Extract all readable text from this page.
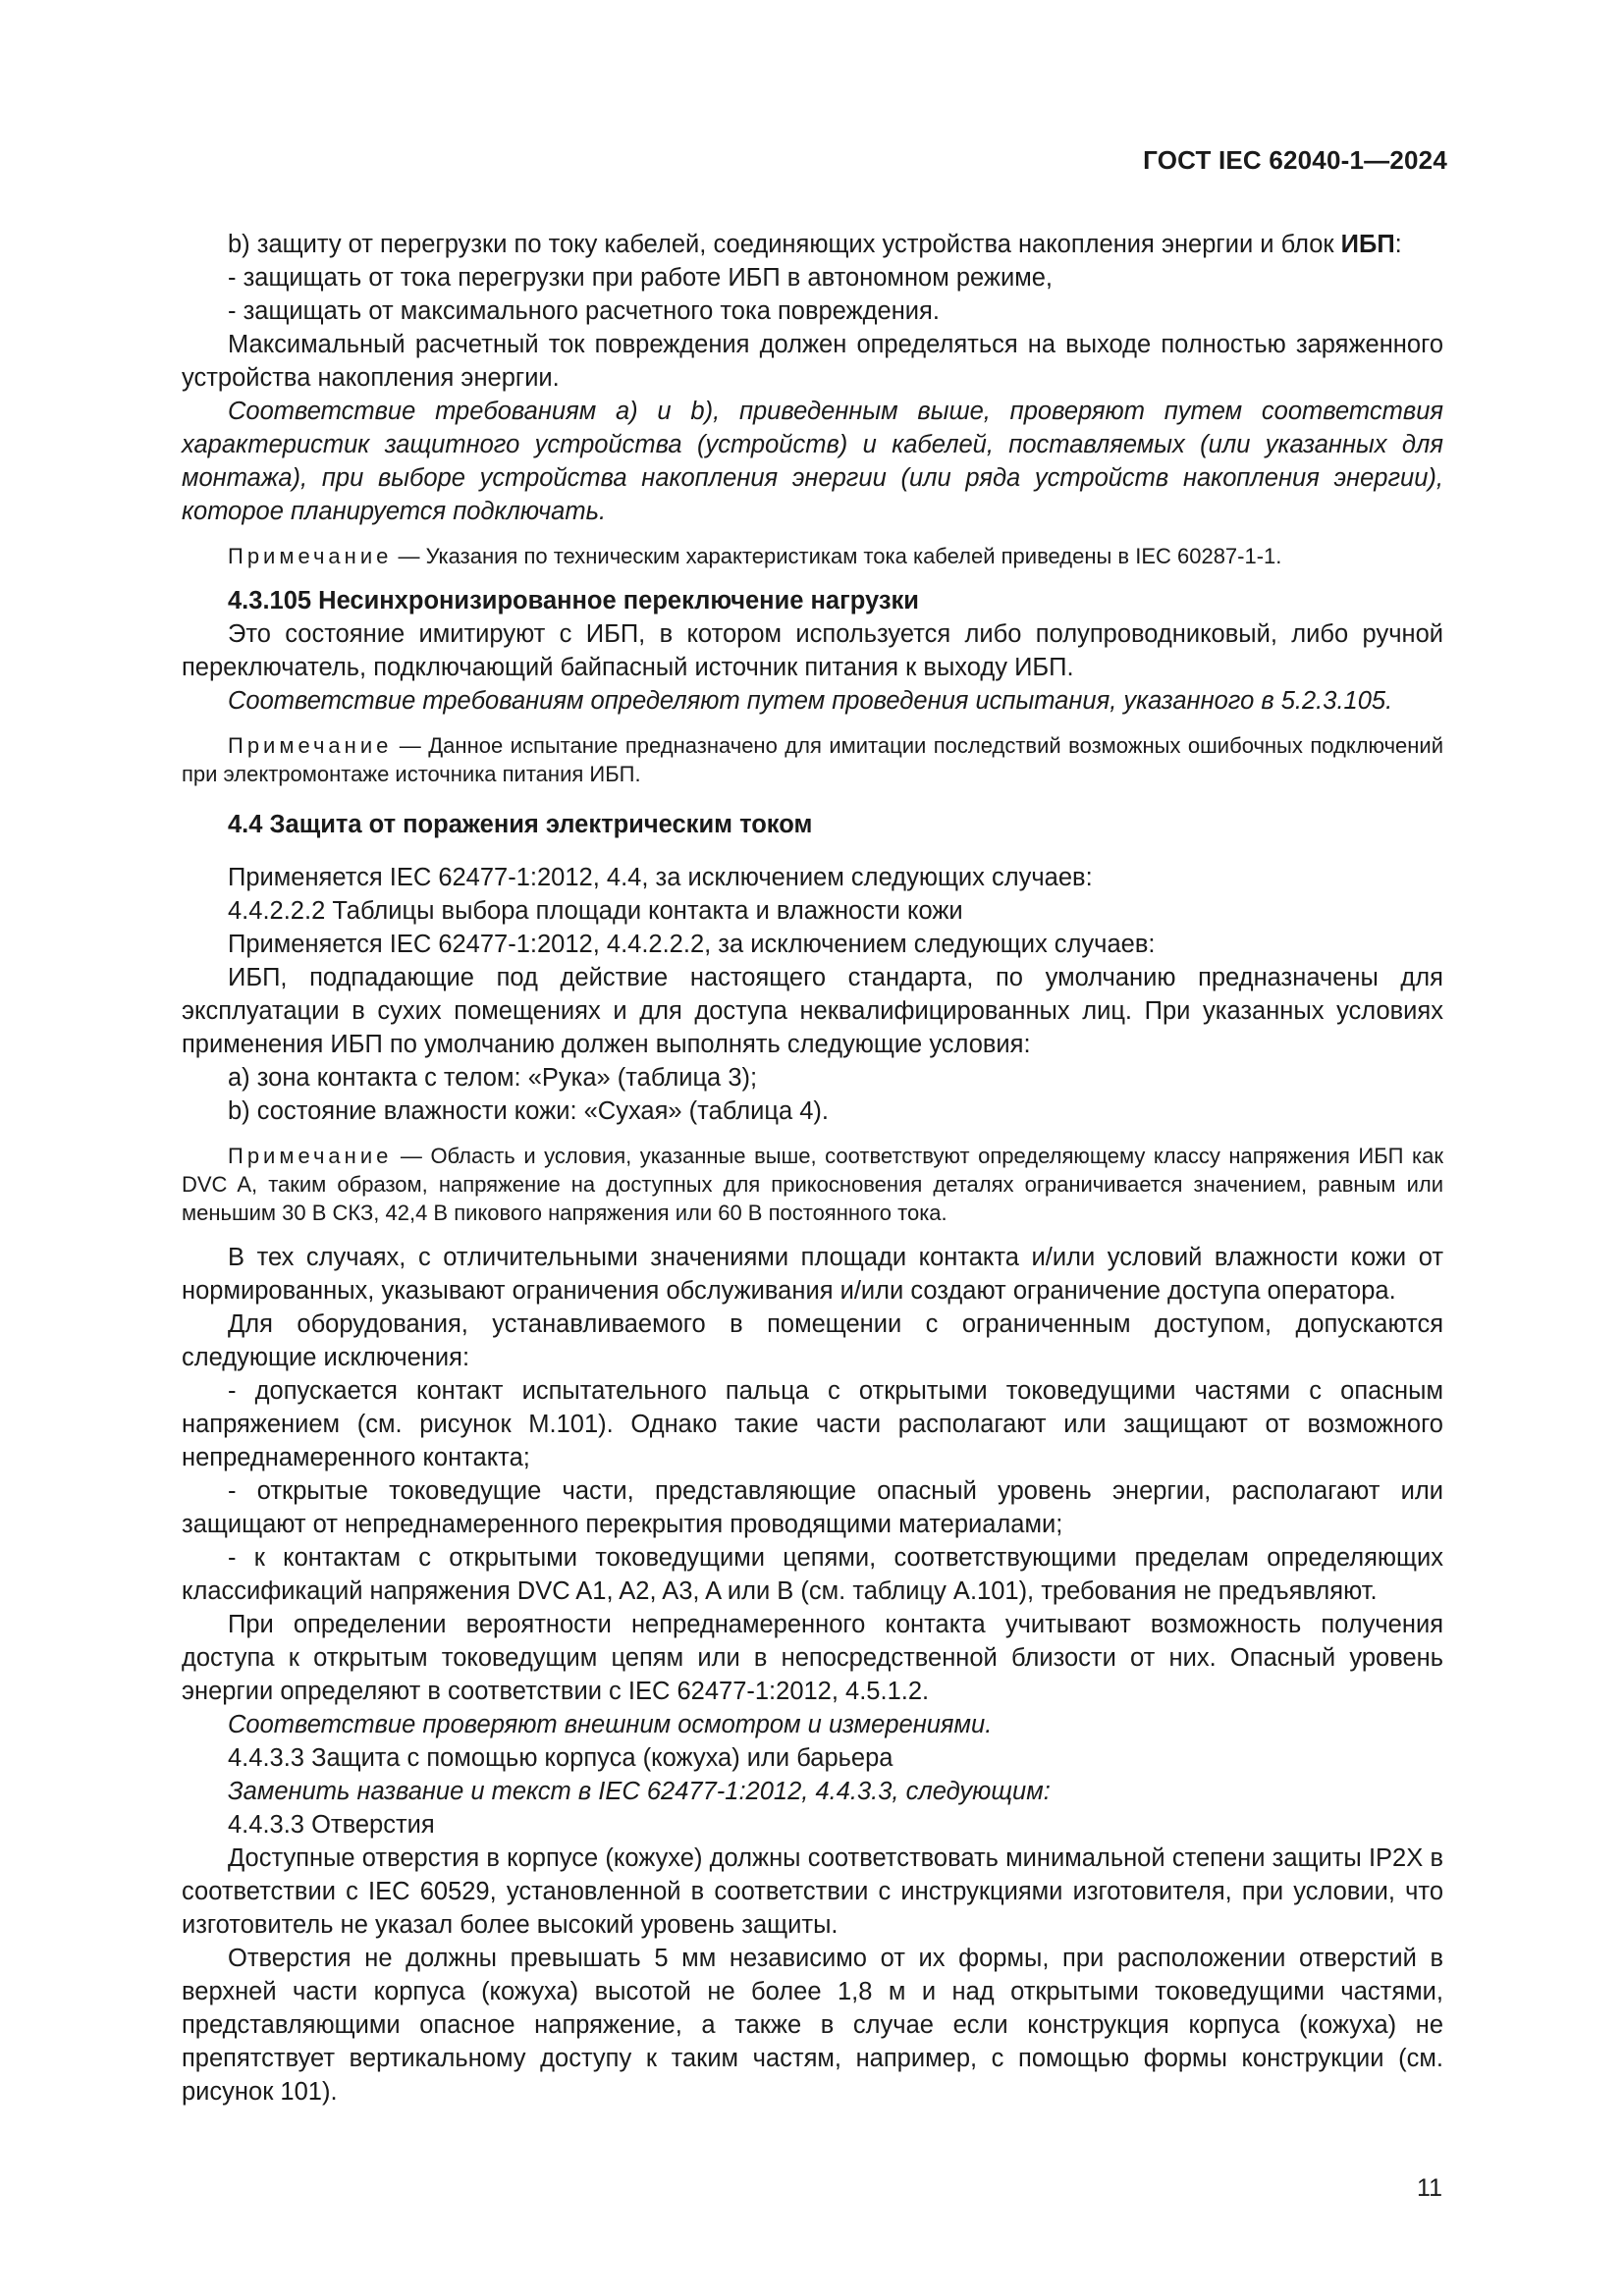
ГОСТ IEC 62040-1—2024

b) защиту от перегрузки по току кабелей, соединяющих устройства накопления энергии и блок ИБП:

- защищать от тока перегрузки при работе ИБП в автономном режиме,

- защищать от максимального расчетного тока повреждения.

Максимальный расчетный ток повреждения должен определяться на выходе полностью заряженного устройства накопления энергии.

Соответствие требованиям а) и b), приведенным выше, проверяют путем соответствия характеристик защитного устройства (устройств) и кабелей, поставляемых (или указанных для монтажа), при выборе устройства накопления энергии (или ряда устройств накопления энергии), которое планируется подключать.

Примечание — Указания по техническим характеристикам тока кабелей приведены в IEC 60287-1-1.

4.3.105 Несинхронизированное переключение нагрузки

Это состояние имитируют с ИБП, в котором используется либо полупроводниковый, либо ручной переключатель, подключающий байпасный источник питания к выходу ИБП.

Соответствие требованиям определяют путем проведения испытания, указанного в 5.2.3.105.

Примечание — Данное испытание предназначено для имитации последствий возможных ошибочных подключений при электромонтаже источника питания ИБП.

4.4 Защита от поражения электрическим током

Применяется IEC 62477-1:2012, 4.4, за исключением следующих случаев:

4.4.2.2.2 Таблицы выбора площади контакта и влажности кожи

Применяется IEC 62477-1:2012, 4.4.2.2.2, за исключением следующих случаев:

ИБП, подпадающие под действие настоящего стандарта, по умолчанию предназначены для эксплуатации в сухих помещениях и для доступа неквалифицированных лиц. При указанных условиях применения ИБП по умолчанию должен выполнять следующие условия:

а) зона контакта с телом: «Рука» (таблица 3);

b) состояние влажности кожи: «Сухая» (таблица 4).

Примечание — Область и условия, указанные выше, соответствуют определяющему классу напряжения ИБП как DVC A, таким образом, напряжение на доступных для прикосновения деталях ограничивается значением, равным или меньшим 30 В СКЗ, 42,4 В пикового напряжения или 60 В постоянного тока.

В тех случаях, с отличительными значениями площади контакта и/или условий влажности кожи от нормированных, указывают ограничения обслуживания и/или создают ограничение доступа оператора.

Для оборудования, устанавливаемого в помещении с ограниченным доступом, допускаются следующие исключения:

- допускается контакт испытательного пальца с открытыми токоведущими частями с опасным напряжением (см. рисунок M.101). Однако такие части располагают или защищают от возможного непреднамеренного контакта;

- открытые токоведущие части, представляющие опасный уровень энергии, располагают или защищают от непреднамеренного перекрытия проводящими материалами;

- к контактам с открытыми токоведущими цепями, соответствующими пределам определяющих классификаций напряжения DVC A1, A2, A3, A или B (см. таблицу A.101), требования не предъявляют.

При определении вероятности непреднамеренного контакта учитывают возможность получения доступа к открытым токоведущим цепям или в непосредственной близости от них. Опасный уровень энергии определяют в соответствии с IEC 62477-1:2012, 4.5.1.2.

Соответствие проверяют внешним осмотром и измерениями.

4.4.3.3 Защита с помощью корпуса (кожуха) или барьера

Заменить название и текст в IEC 62477-1:2012, 4.4.3.3, следующим:

4.4.3.3 Отверстия

Доступные отверстия в корпусе (кожухе) должны соответствовать минимальной степени защиты IP2X в соответствии с IEC 60529, установленной в соответствии с инструкциями изготовителя, при условии, что изготовитель не указал более высокий уровень защиты.

Отверстия не должны превышать 5 мм независимо от их формы, при расположении отверстий в верхней части корпуса (кожуха) высотой не более 1,8 м и над открытыми токоведущими частями, представляющими опасное напряжение, а также в случае если конструкция корпуса (кожуха) не препятствует вертикальному доступу к таким частям, например, с помощью формы конструкции (см. рисунок 101).

11
